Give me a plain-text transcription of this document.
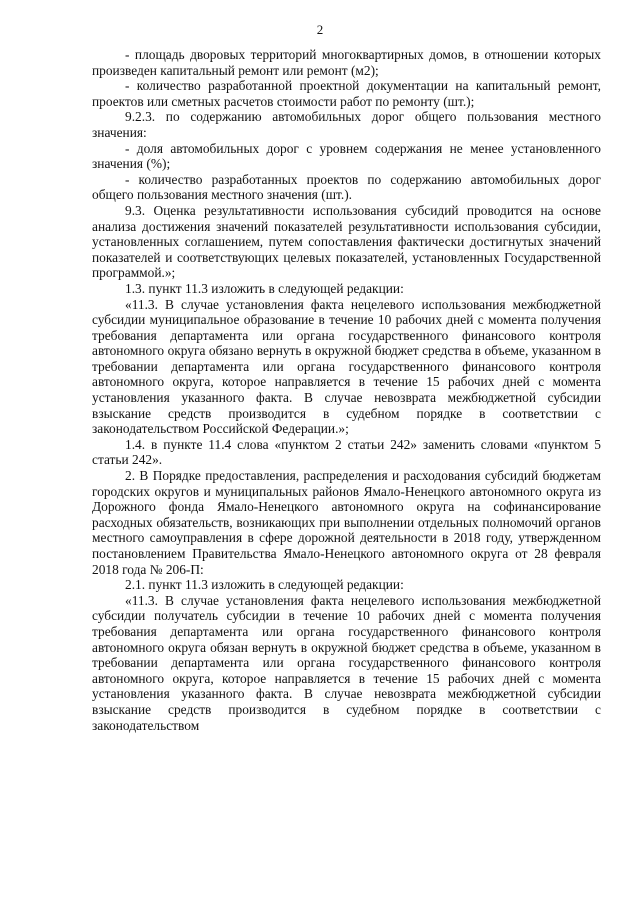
2

- площадь дворовых территорий многоквартирных домов, в отношении которых произведен капитальный ремонт или ремонт (м2);

- количество разработанной проектной документации на капитальный ремонт, проектов или сметных расчетов стоимости работ по ремонту (шт.);

9.2.3. по содержанию автомобильных дорог общего пользования местного значения:

- доля автомобильных дорог с уровнем содержания не менее установленного значения (%);

- количество разработанных проектов по содержанию автомобильных дорог общего пользования местного значения (шт.).

9.3. Оценка результативности использования субсидий проводится на основе анализа достижения значений показателей результативности использования субсидии, установленных соглашением, путем сопоставления фактически достигнутых значений показателей и соответствующих целевых показателей, установленных Государственной программой.»;

1.3. пункт 11.3 изложить в следующей редакции:

«11.3. В случае установления факта нецелевого использования межбюджетной субсидии муниципальное образование в течение 10 рабочих дней с момента получения требования департамента или органа государственного финансового контроля автономного округа обязано вернуть в окружной бюджет средства в объеме, указанном в требовании департамента или органа государственного финансового контроля автономного округа, которое направляется в течение 15 рабочих дней с момента установления указанного факта. В случае невозврата межбюджетной субсидии взыскание средств производится в судебном порядке в соответствии с законодательством Российской Федерации.»;

1.4. в пункте 11.4 слова «пунктом 2 статьи 242» заменить словами «пунктом 5 статьи 242».

2. В Порядке предоставления, распределения и расходования субсидий бюджетам городских округов и муниципальных районов Ямало-Ненецкого автономного округа из Дорожного фонда Ямало-Ненецкого автономного округа на софинансирование расходных обязательств, возникающих при выполнении отдельных полномочий органов местного самоуправления в сфере дорожной деятельности в 2018 году, утвержденном постановлением Правительства Ямало-Ненецкого автономного округа от 28 февраля 2018 года № 206-П:

2.1. пункт 11.3 изложить в следующей редакции:

«11.3. В случае установления факта нецелевого использования межбюджетной субсидии получатель субсидии в течение 10 рабочих дней с момента получения требования департамента или органа государственного финансового контроля автономного округа обязан вернуть в окружной бюджет средства в объеме, указанном в требовании департамента или органа государственного финансового контроля автономного округа, которое направляется в течение 15 рабочих дней с момента установления указанного факта. В случае невозврата межбюджетной субсидии взыскание средств производится в судебном порядке в соответствии с законодательством
